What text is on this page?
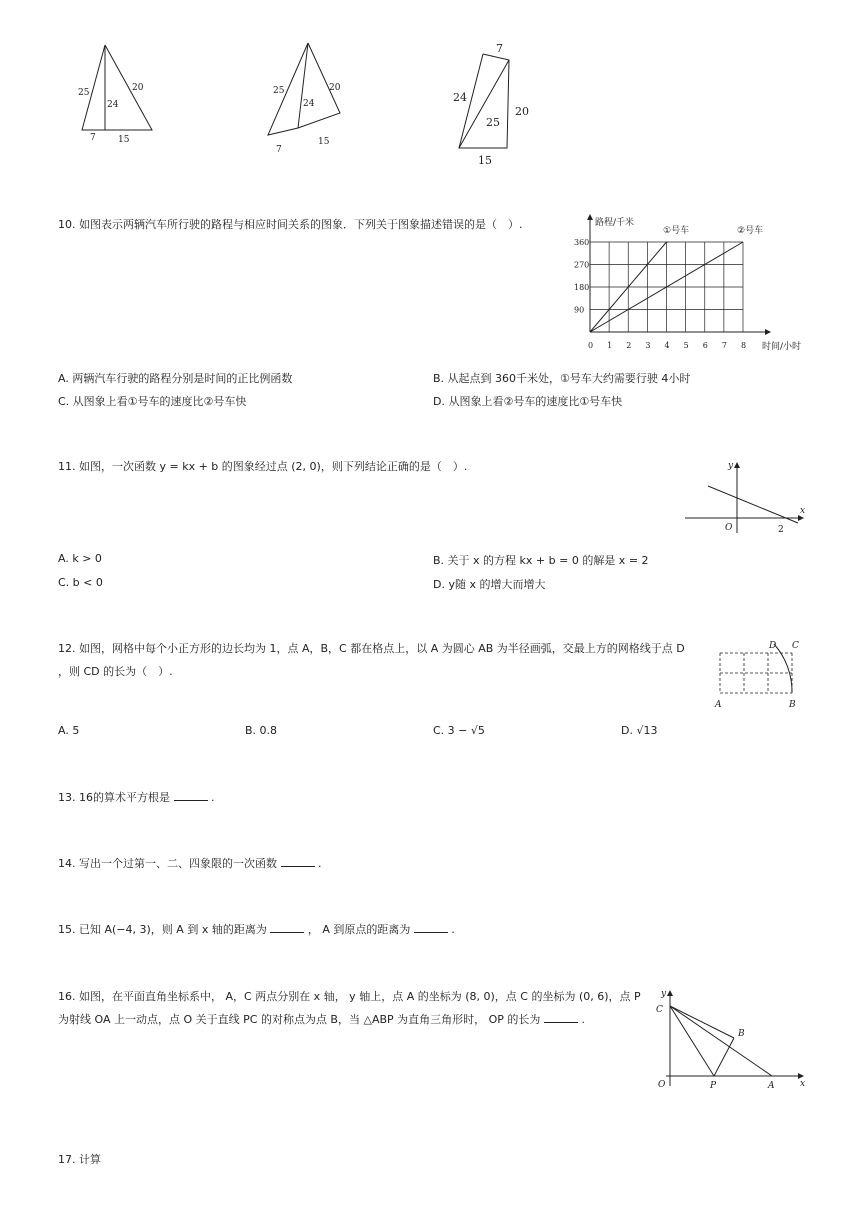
25	20
24
7 15
25	20
24
7
15
7
24
25
20
15
10. 如图表示两辆汽车所行驶的路程与相应时间关系的图象．下列关于图象描述错误的是（　）.
360
270
180
90
0 1 2 3 4 5 6 7 8
路程/千米
时间/小时
①号车	②号车
A. 两辆汽车行驶的路程分别是时间的正比例函数	B. 从起点到 360千米处，①号车大约需要行驶 4小时
C. 从图象上看①号车的速度比②号车快	D. 从图象上看②号车的速度比①号车快
11. 如图，一次函数 y = kx + b 的图象经过点 (2, 0)，则下列结论正确的是（　）.	y
x
O	2
A. k > 0	B. 关于 x 的方程 kx + b = 0 的解是 x = 2
C. b < 0	D. y随 x 的增大而增大
12. 如图，网格中每个小正方形的边长均为 1，点 A，B，C 都在格点上，以 A 为圆心 AB 为半径画弧，交最上方的网格线于点 D
，则 CD 的长为（　）.
A	B
C
D
A. 5	B. 0.8	C. 3 − √5	D. √13
13. 16的算术平方根是	.
14. 写出一个过第一、二、四象限的一次函数	.
15. 已知 A(−4, 3)，则 A 到 x 轴的距离为	， A 到原点的距离为	.
16. 如图，在平面直角坐标系中， A，C 两点分别在 x 轴， y 轴上，点 A 的坐标为 (8, 0)，点 C 的坐标为 (0, 6)，点 P
为射线 OA 上一动点，点 O 关于直线 PC 的对称点为点 B，当 △ABP 为直角三角形时， OP 的长为	.
y
x
O
C
B
P	A
17. 计算
